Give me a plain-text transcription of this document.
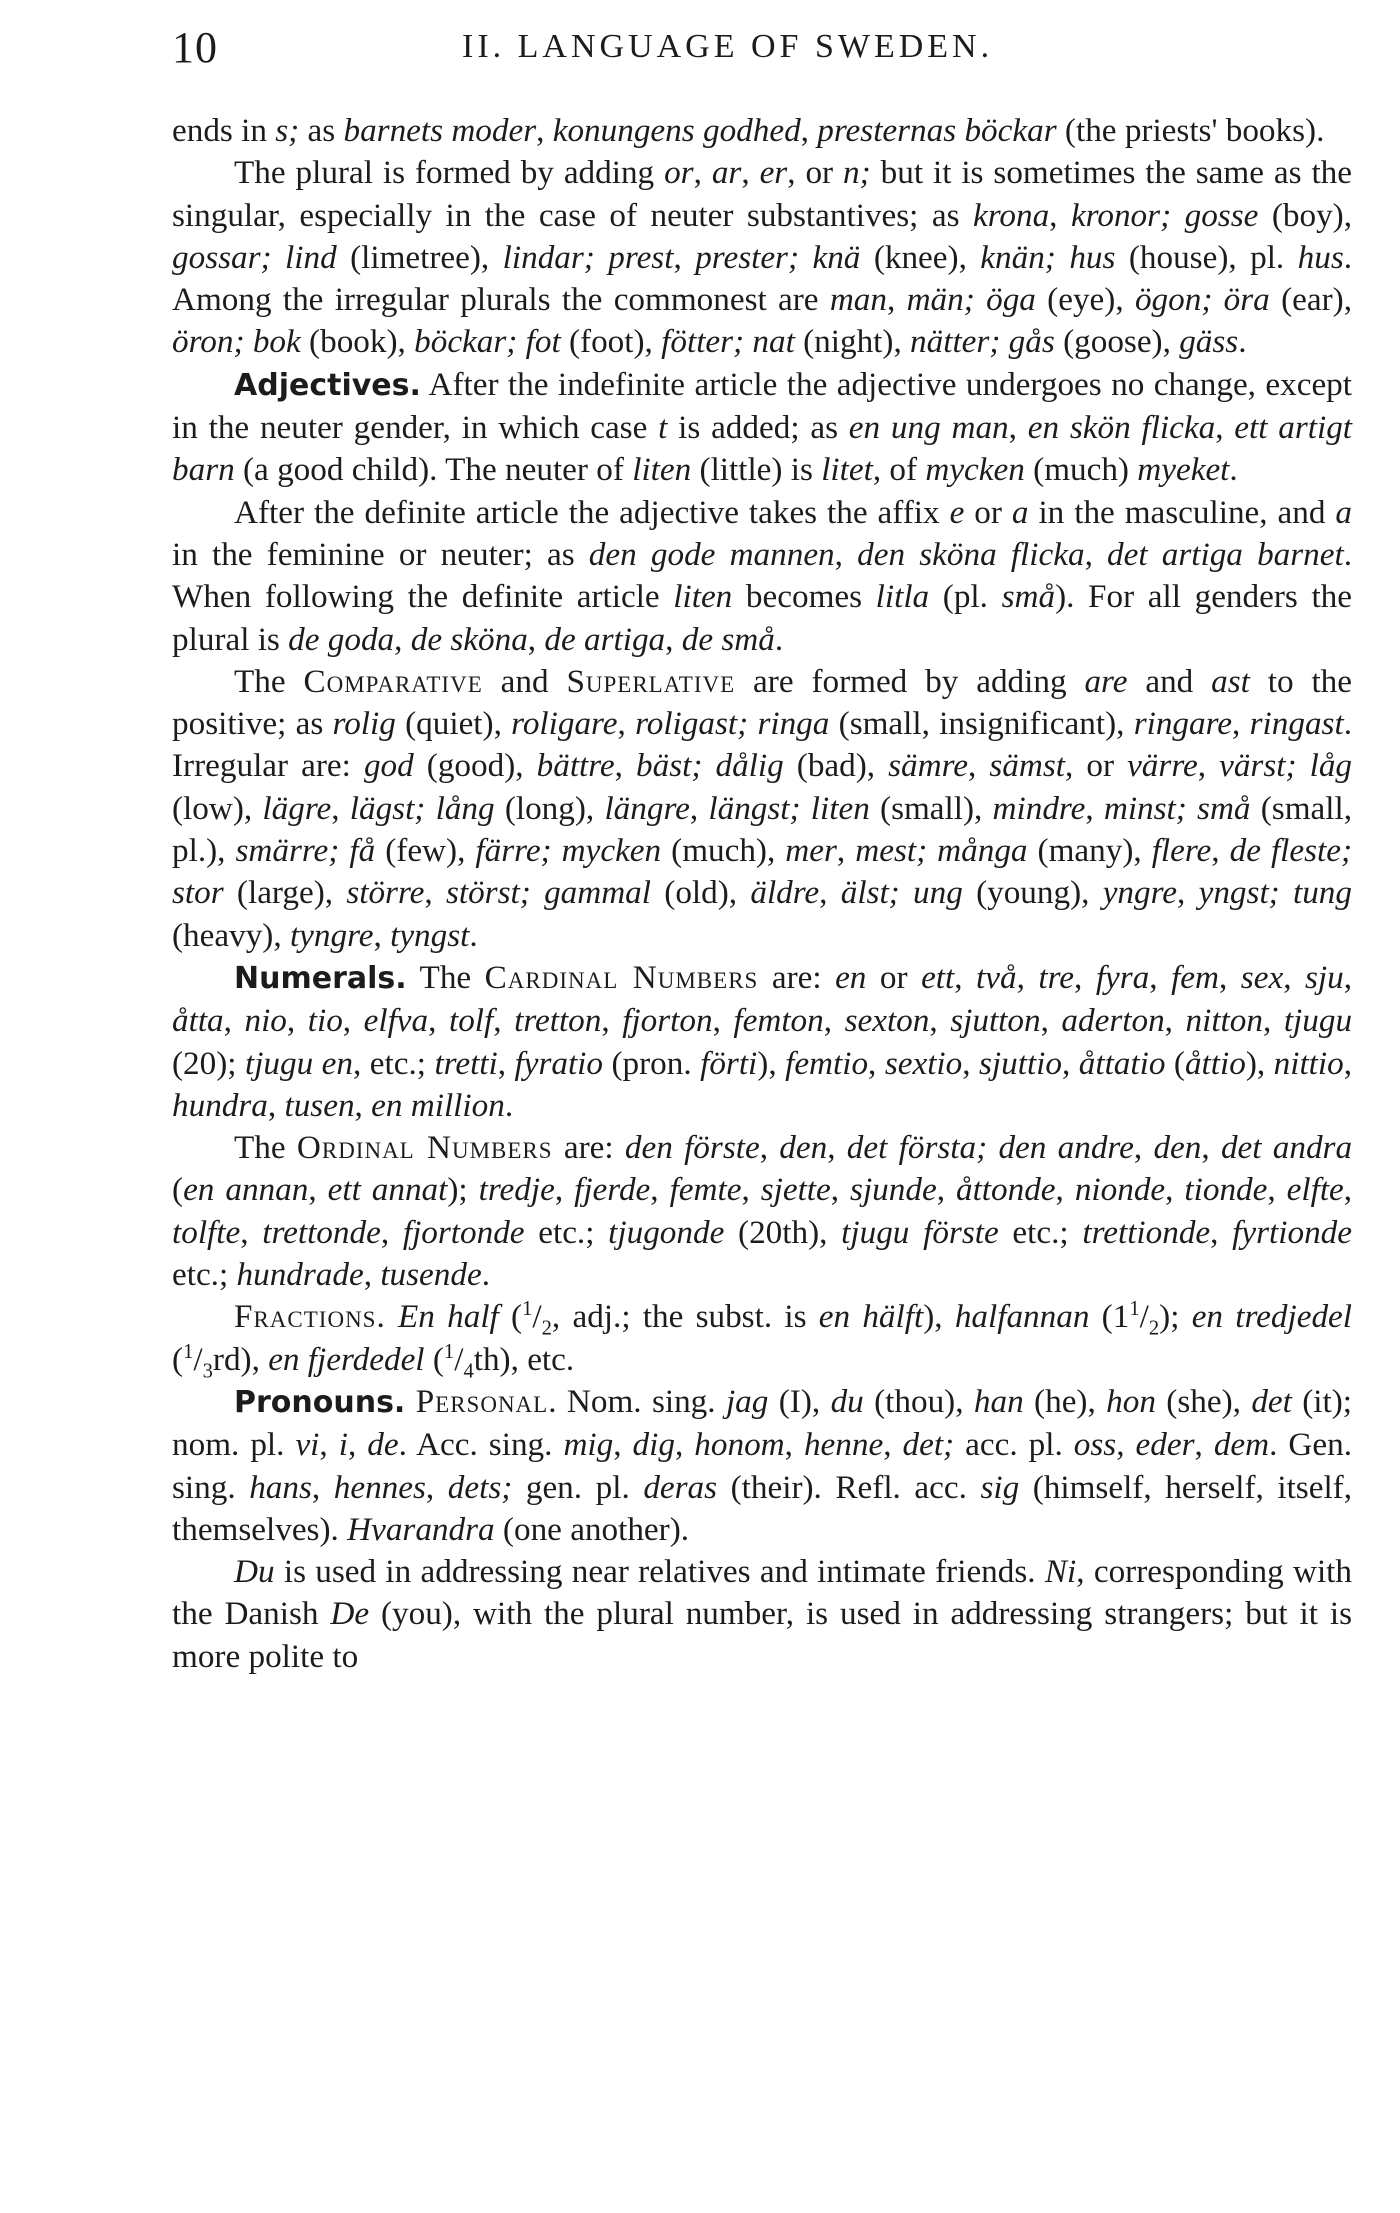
10	II. LANGUAGE OF SWEDEN.

ends in s; as barnets moder, konungens godhed, presternas böckar (the priests' books).

The plural is formed by adding or, ar, er, or n; but it is sometimes the same as the singular, especially in the case of neuter substantives; as krona, kronor; gosse (boy), gossar; lind (limetree), lindar; prest, prester; knä (knee), knän; hus (house), pl. hus. Among the irregular plurals the commonest are man, män; öga (eye), ögon; öra (ear), öron; bok (book), böckar; fot (foot), fötter; nat (night), nätter; gås (goose), gäss.

Adjectives. After the indefinite article the adjective undergoes no change, except in the neuter gender, in which case t is added; as en ung man, en skön flicka, ett artigt barn (a good child). The neuter of liten (little) is litet, of mycken (much) myeket.

After the definite article the adjective takes the affix e or a in the masculine, and a in the feminine or neuter; as den gode mannen, den sköna flicka, det artiga barnet. When following the definite article liten becomes litla (pl. små). For all genders the plural is de goda, de sköna, de artiga, de små.

The Comparative and Superlative are formed by adding are and ast to the positive; as rolig (quiet), roligare, roligast; ringa (small, insignificant), ringare, ringast. Irregular are: god (good), bättre, bäst; dålig (bad), sämre, sämst, or värre, värst; låg (low), lägre, lägst; lång (long), längre, längst; liten (small), mindre, minst; små (small, pl.), smärre; få (few), färre; mycken (much), mer, mest; många (many), flere, de fleste; stor (large), större, störst; gammal (old), äldre, älst; ung (young), yngre, yngst; tung (heavy), tyngre, tyngst.

Numerals. The Cardinal Numbers are: en or ett, två, tre, fyra, fem, sex, sju, åtta, nio, tio, elfva, tolf, tretton, fjorton, femton, sexton, sjutton, aderton, nitton, tjugu (20); tjugu en, etc.; tretti, fyratio (pron. förti), femtio, sextio, sjuttio, åttatio (åttio), nittio, hundra, tusen, en million.

The Ordinal Numbers are: den förste, den, det första; den andre, den, det andra (en annan, ett annat); tredje, fjerde, femte, sjette, sjunde, åttonde, nionde, tionde, elfte, tolfte, trettonde, fjortonde etc.; tjugonde (20th), tjugu förste etc.; trettionde, fyrtionde etc.; hundrade, tusende.

Fractions. En half ($^1/_2$, adj.; the subst. is en hälft), halfannan $(1^1/_2)$; en tredjedel $(^1/_3rd)$, en fjerdedel $(^1/_4th)$, etc.

Pronouns. Personal. Nom. sing. jag (I), du (thou), han (he), hon (she), det (it); nom. pl. vi, i, de. Acc. sing. mig, dig, honom, henne, det; acc. pl. oss, eder, dem. Gen. sing. hans, hennes, dets; gen. pl. deras (their). Refl. acc. sig (himself, herself, itself, themselves). Hvarandra (one another).

Du is used in addressing near relatives and intimate friends. Ni, corresponding with the Danish De (you), with the plural number, is used in addressing strangers; but it is more polite to
